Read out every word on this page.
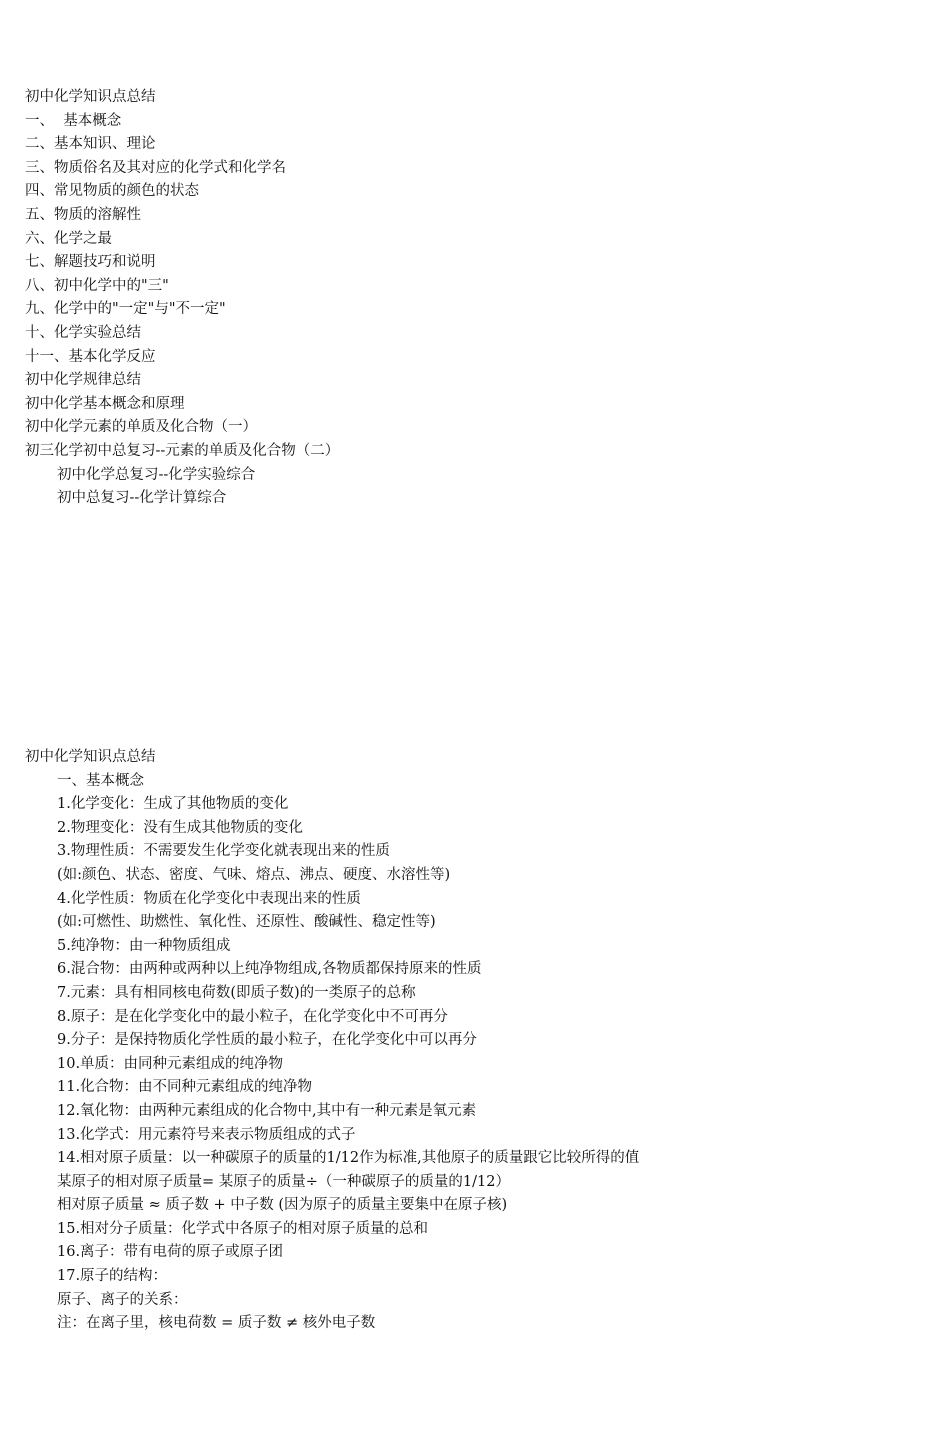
初中化学知识点总结
一、  基本概念
二、基本知识、理论
三、物质俗名及其对应的化学式和化学名
四、常见物质的颜色的状态
五、物质的溶解性
六、化学之最
七、解题技巧和说明
八、初中化学中的"三"
九、化学中的"一定"与"不一定"
十、化学实验总结
十一、基本化学反应
初中化学规律总结
初中化学基本概念和原理
初中化学元素的单质及化合物（一）
初三化学初中总复习--元素的单质及化合物（二）
初中化学总复习--化学实验综合
初中总复习--化学计算综合
初中化学知识点总结
一、基本概念
1.化学变化：生成了其他物质的变化
2.物理变化：没有生成其他物质的变化
3.物理性质：不需要发生化学变化就表现出来的性质
(如:颜色、状态、密度、气味、熔点、沸点、硬度、水溶性等)
4.化学性质：物质在化学变化中表现出来的性质
(如:可燃性、助燃性、氧化性、还原性、酸碱性、稳定性等)
5.纯净物：由一种物质组成
6.混合物：由两种或两种以上纯净物组成,各物质都保持原来的性质
7.元素：具有相同核电荷数(即质子数)的一类原子的总称
8.原子：是在化学变化中的最小粒子，在化学变化中不可再分
9.分子：是保持物质化学性质的最小粒子，在化学变化中可以再分
10.单质：由同种元素组成的纯净物
11.化合物：由不同种元素组成的纯净物
12.氧化物：由两种元素组成的化合物中,其中有一种元素是氧元素
13.化学式：用元素符号来表示物质组成的式子
14.相对原子质量：以一种碳原子的质量的1/12作为标准,其他原子的质量跟它比较所得的值
某原子的相对原子质量= 某原子的质量÷（一种碳原子的质量的1/12）
相对原子质量 ≈ 质子数 + 中子数 (因为原子的质量主要集中在原子核)
15.相对分子质量：化学式中各原子的相对原子质量的总和
16.离子：带有电荷的原子或原子团
17.原子的结构：
原子、离子的关系：
注：在离子里，核电荷数 = 质子数 ≠ 核外电子数
